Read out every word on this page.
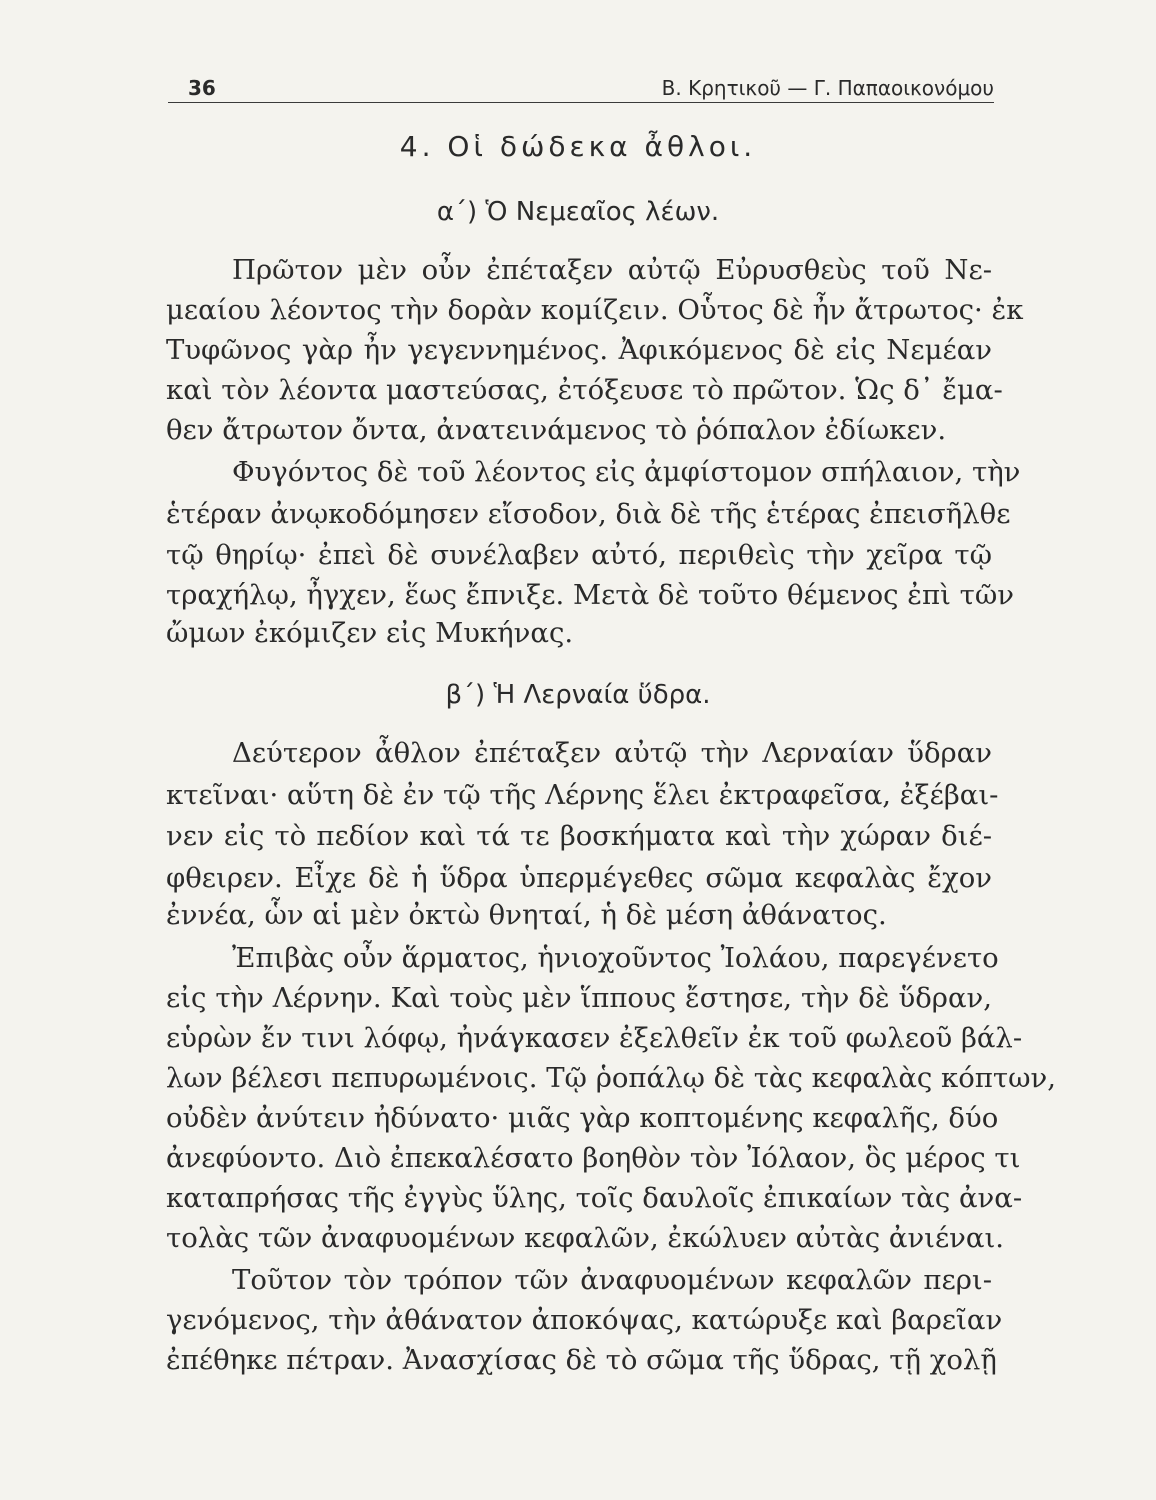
36	Β. Κρητικοῦ — Γ. Παπαοικονόμου
4. Οἱ δώδεκα ἆθλοι.
α΄) Ὁ Νεμεαῖος λέων.
Πρῶτον μὲν οὖν ἐπέταξεν αὐτῷ Εὐρυσθεὺς τοῦ Νε-
μεαίου λέοντος τὴν δορὰν κομίζειν. Οὗτος δὲ ἦν ἄτρωτος· ἐκ
Τυφῶνος γὰρ ἦν γεγεννημένος. Ἀφικόμενος δὲ εἰς Νεμέαν
καὶ τὸν λέοντα μαστεύσας, ἐτόξευσε τὸ πρῶτον. Ὡς δ᾿ ἔμα-
θεν ἄτρωτον ὄντα, ἀνατεινάμενος τὸ ῥόπαλον ἐδίωκεν.
Φυγόντος δὲ τοῦ λέοντος εἰς ἀμφίστομον σπήλαιον, τὴν
ἑτέραν ἀνῳκοδόμησεν εἴσοδον, διὰ δὲ τῆς ἑτέρας ἐπεισῆλθε
τῷ θηρίῳ· ἐπεὶ δὲ συνέλαβεν αὐτό, περιθεὶς τὴν χεῖρα τῷ
τραχήλῳ, ἦγχεν, ἕως ἔπνιξε. Μετὰ δὲ τοῦτο θέμενος ἐπὶ τῶν
ὤμων ἐκόμιζεν εἰς Μυκήνας.
β΄) Ἡ Λερναία ὕδρα.
Δεύτερον ἆθλον ἐπέταξεν αὐτῷ τὴν Λερναίαν ὕδραν
κτεῖναι· αὕτη δὲ ἐν τῷ τῆς Λέρνης ἕλει ἐκτραφεῖσα, ἐξέβαι-
νεν εἰς τὸ πεδίον καὶ τά τε βοσκήματα καὶ τὴν χώραν διέ-
φθειρεν. Εἶχε δὲ ἡ ὕδρα ὑπερμέγεθες σῶμα κεφαλὰς ἔχον
ἐννέα, ὧν αἱ μὲν ὀκτὼ θνηταί, ἡ δὲ μέση ἀθάνατος.
Ἐπιβὰς οὖν ἅρματος, ἡνιοχοῦντος Ἰολάου, παρεγένετο
εἰς τὴν Λέρνην. Καὶ τοὺς μὲν ἵππους ἔστησε, τὴν δὲ ὕδραν,
εὑρὼν ἔν τινι λόφῳ, ἠνάγκασεν ἐξελθεῖν ἐκ τοῦ φωλεοῦ βάλ-
λων βέλεσι πεπυρωμένοις. Τῷ ῥοπάλῳ δὲ τὰς κεφαλὰς κόπτων,
οὐδὲν ἀνύτειν ἠδύνατο· μιᾶς γὰρ κοπτομένης κεφαλῆς, δύο
ἀνεφύοντο. Διὸ ἐπεκαλέσατο βοηθὸν τὸν Ἰόλαον, ὃς μέρος τι
καταπρήσας τῆς ἐγγὺς ὕλης, τοῖς δαυλοῖς ἐπικαίων τὰς ἀνα-
τολὰς τῶν ἀναφυομένων κεφαλῶν, ἐκώλυεν αὐτὰς ἀνιέναι.
Τοῦτον τὸν τρόπον τῶν ἀναφυομένων κεφαλῶν περι-
γενόμενος, τὴν ἀθάνατον ἀποκόψας, κατώρυξε καὶ βαρεῖαν
ἐπέθηκε πέτραν. Ἀνασχίσας δὲ τὸ σῶμα τῆς ὕδρας, τῇ χολῇ
